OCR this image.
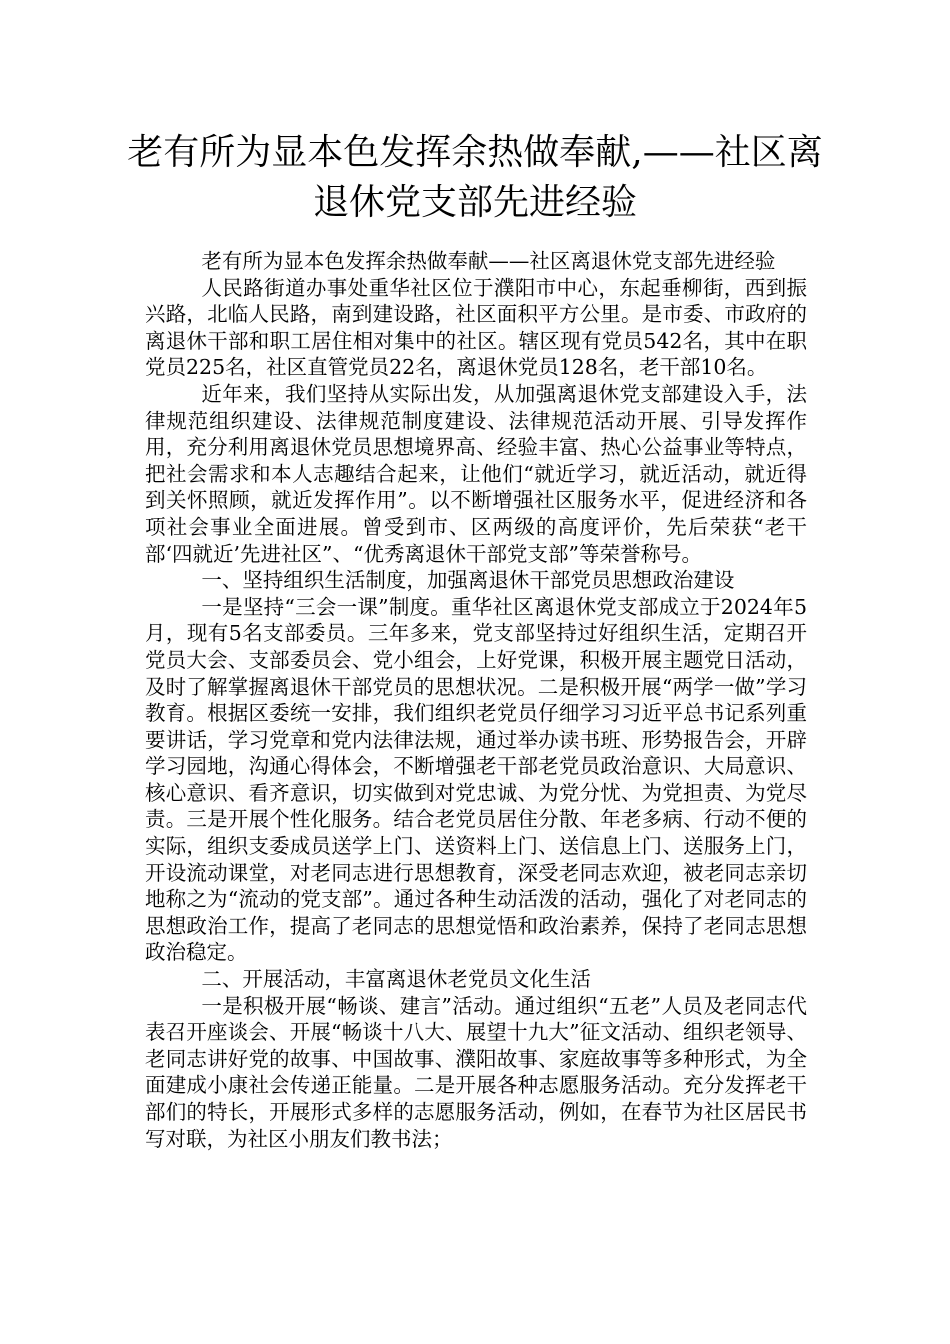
老有所为显本色发挥余热做奉献,——社区离退休党支部先进经验

老有所为显本色发挥余热做奉献——社区离退休党支部先进经验

人民路街道办事处重华社区位于濮阳市中心，东起垂柳街，西到振兴路，北临人民路，南到建设路，社区面积平方公里。是市委、市政府的离退休干部和职工居住相对集中的社区。辖区现有党员542名，其中在职党员225名，社区直管党员22名，离退休党员128名，老干部10名。

近年来，我们坚持从实际出发，从加强离退休党支部建设入手，法律规范组织建设、法律规范制度建设、法律规范活动开展、引导发挥作用，充分利用离退休党员思想境界高、经验丰富、热心公益事业等特点，把社会需求和本人志趣结合起来，让他们“就近学习，就近活动，就近得到关怀照顾，就近发挥作用”。以不断增强社区服务水平，促进经济和各项社会事业全面进展。曾受到市、区两级的高度评价，先后荣获“老干部‘四就近’先进社区”、“优秀离退休干部党支部”等荣誉称号。

一、坚持组织生活制度，加强离退休干部党员思想政治建设

一是坚持“三会一课”制度。重华社区离退休党支部成立于2024年5月，现有5名支部委员。三年多来，党支部坚持过好组织生活，定期召开党员大会、支部委员会、党小组会，上好党课，积极开展主题党日活动，及时了解掌握离退休干部党员的思想状况。二是积极开展“两学一做”学习教育。根据区委统一安排，我们组织老党员仔细学习习近平总书记系列重要讲话，学习党章和党内法律法规，通过举办读书班、形势报告会，开辟学习园地，沟通心得体会，不断增强老干部老党员政治意识、大局意识、核心意识、看齐意识，切实做到对党忠诚、为党分忧、为党担责、为党尽责。三是开展个性化服务。结合老党员居住分散、年老多病、行动不便的实际，组织支委成员送学上门、送资料上门、送信息上门、送服务上门，开设流动课堂，对老同志进行思想教育，深受老同志欢迎，被老同志亲切地称之为“流动的党支部”。通过各种生动活泼的活动，强化了对老同志的思想政治工作，提高了老同志的思想觉悟和政治素养，保持了老同志思想政治稳定。

二、开展活动，丰富离退休老党员文化生活

一是积极开展“畅谈、建言”活动。通过组织“五老”人员及老同志代表召开座谈会、开展“畅谈十八大、展望十九大”征文活动、组织老领导、老同志讲好党的故事、中国故事、濮阳故事、家庭故事等多种形式，为全面建成小康社会传递正能量。二是开展各种志愿服务活动。充分发挥老干部们的特长，开展形式多样的志愿服务活动，例如，在春节为社区居民书写对联，为社区小朋友们教书法；
